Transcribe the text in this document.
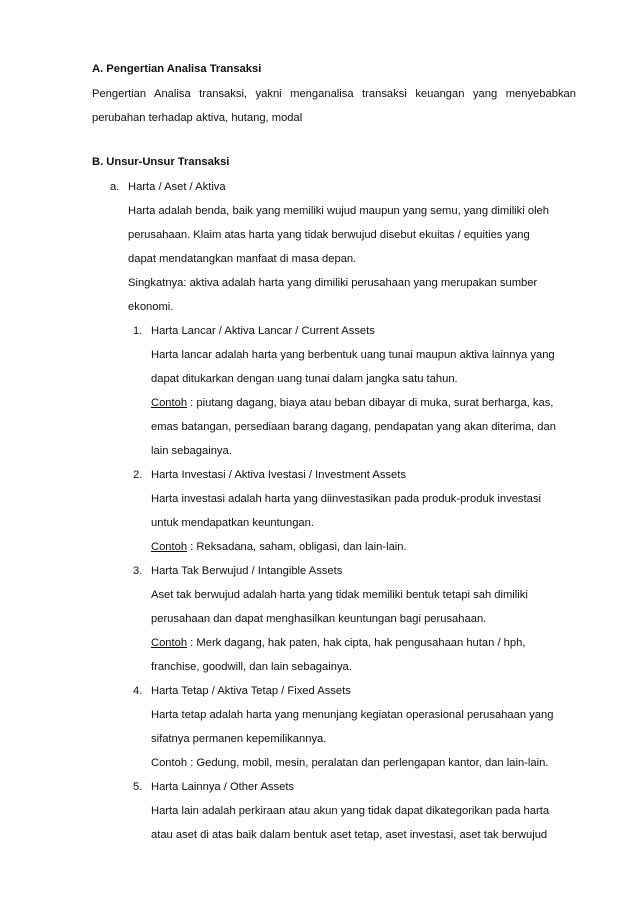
A. Pengertian Analisa Transaksi

Pengertian Analisa transaksi, yakni menganalisa transaksi keuangan yang menyebabkan

perubahan terhadap aktiva, hutang, modal

B. Unsur-Unsur Transaksi

a. Harta / Aset / Aktiva

Harta adalah benda, baik yang memiliki wujud maupun yang semu, yang dimiliki oleh

perusahaan. Klaim atas harta yang tidak berwujud disebut ekuitas / equities yang

dapat mendatangkan manfaat di masa depan.

Singkatnya: aktiva adalah harta yang dimiliki perusahaan yang merupakan sumber

ekonomi.

1. Harta Lancar / Aktiva Lancar / Current Assets

Harta lancar adalah harta yang berbentuk uang tunai maupun aktiva lainnya yang

dapat ditukarkan dengan uang tunai dalam jangka satu tahun.

Contoh : piutang dagang, biaya atau beban dibayar di muka, surat berharga, kas,

emas batangan, persediaan barang dagang, pendapatan yang akan diterima, dan

lain sebagainya.

2. Harta Investasi / Aktiva Ivestasi / Investment Assets

Harta investasi adalah harta yang diinvestasikan pada produk-produk investasi

untuk mendapatkan keuntungan.

Contoh : Reksadana, saham, obligasi, dan lain-lain.

3. Harta Tak Berwujud / Intangible Assets

Aset tak berwujud adalah harta yang tidak memiliki bentuk tetapi sah dimiliki

perusahaan dan dapat menghasilkan keuntungan bagi perusahaan.

Contoh : Merk dagang, hak paten, hak cipta, hak pengusahaan hutan / hph,

franchise, goodwill, dan lain sebagainya.

4. Harta Tetap / Aktiva Tetap / Fixed Assets

Harta tetap adalah harta yang menunjang kegiatan operasional perusahaan yang

sifatnya permanen kepemilikannya.

Contoh : Gedung, mobil, mesin, peralatan dan perlengapan kantor, dan lain-lain.

5. Harta Lainnya / Other Assets

Harta lain adalah perkiraan atau akun yang tidak dapat dikategorikan pada harta

atau aset di atas baik dalam bentuk aset tetap, aset investasi, aset tak berwujud
